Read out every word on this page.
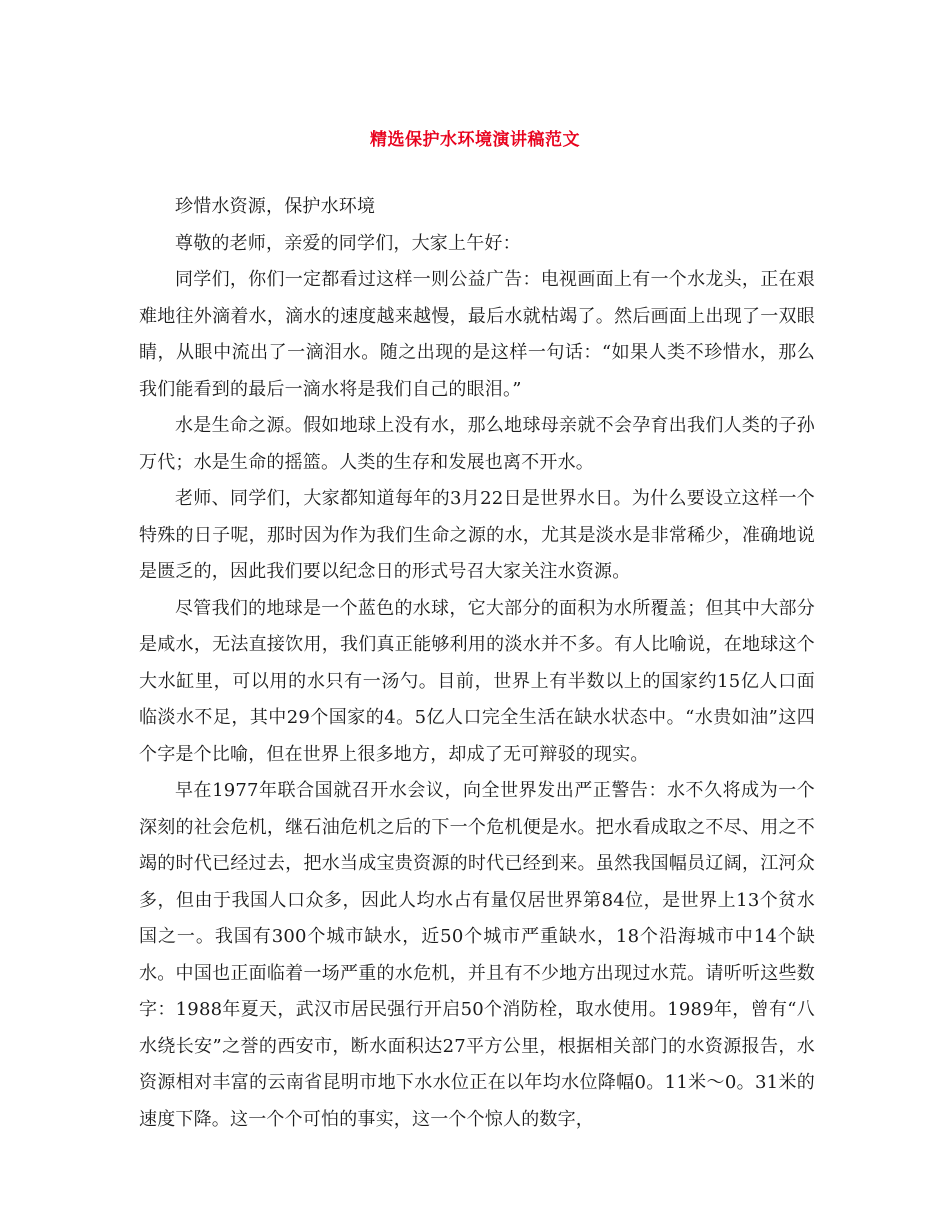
精选保护水环境演讲稿范文

珍惜水资源，保护水环境

尊敬的老师，亲爱的同学们，大家上午好：

同学们，你们一定都看过这样一则公益广告：电视画面上有一个水龙头，正在艰难地往外滴着水，滴水的速度越来越慢，最后水就枯竭了。然后画面上出现了一双眼睛，从眼中流出了一滴泪水。随之出现的是这样一句话：“如果人类不珍惜水，那么我们能看到的最后一滴水将是我们自己的眼泪。”

水是生命之源。假如地球上没有水，那么地球母亲就不会孕育出我们人类的子孙万代；水是生命的摇篮。人类的生存和发展也离不开水。

老师、同学们，大家都知道每年的3月22日是世界水日。为什么要设立这样一个特殊的日子呢，那时因为作为我们生命之源的水，尤其是淡水是非常稀少，准确地说是匮乏的，因此我们要以纪念日的形式号召大家关注水资源。

尽管我们的地球是一个蓝色的水球，它大部分的面积为水所覆盖；但其中大部分是咸水，无法直接饮用，我们真正能够利用的淡水并不多。有人比喻说，在地球这个大水缸里，可以用的水只有一汤勺。目前，世界上有半数以上的国家约15亿人口面临淡水不足，其中29个国家的4。5亿人口完全生活在缺水状态中。“水贵如油”这四个字是个比喻，但在世界上很多地方，却成了无可辩驳的现实。

早在1977年联合国就召开水会议，向全世界发出严正警告：水不久将成为一个深刻的社会危机，继石油危机之后的下一个危机便是水。把水看成取之不尽、用之不竭的时代已经过去，把水当成宝贵资源的时代已经到来。虽然我国幅员辽阔，江河众多，但由于我国人口众多，因此人均水占有量仅居世界第84位，是世界上13个贫水国之一。我国有300个城市缺水，近50个城市严重缺水，18个沿海城市中14个缺水。中国也正面临着一场严重的水危机，并且有不少地方出现过水荒。请听听这些数字：1988年夏天，武汉市居民强行开启50个消防栓，取水使用。1989年，曾有“八水绕长安”之誉的西安市，断水面积达27平方公里，根据相关部门的水资源报告，水资源相对丰富的云南省昆明市地下水水位正在以年均水位降幅0。11米～0。31米的速度下降。这一个个可怕的事实，这一个个惊人的数字，
